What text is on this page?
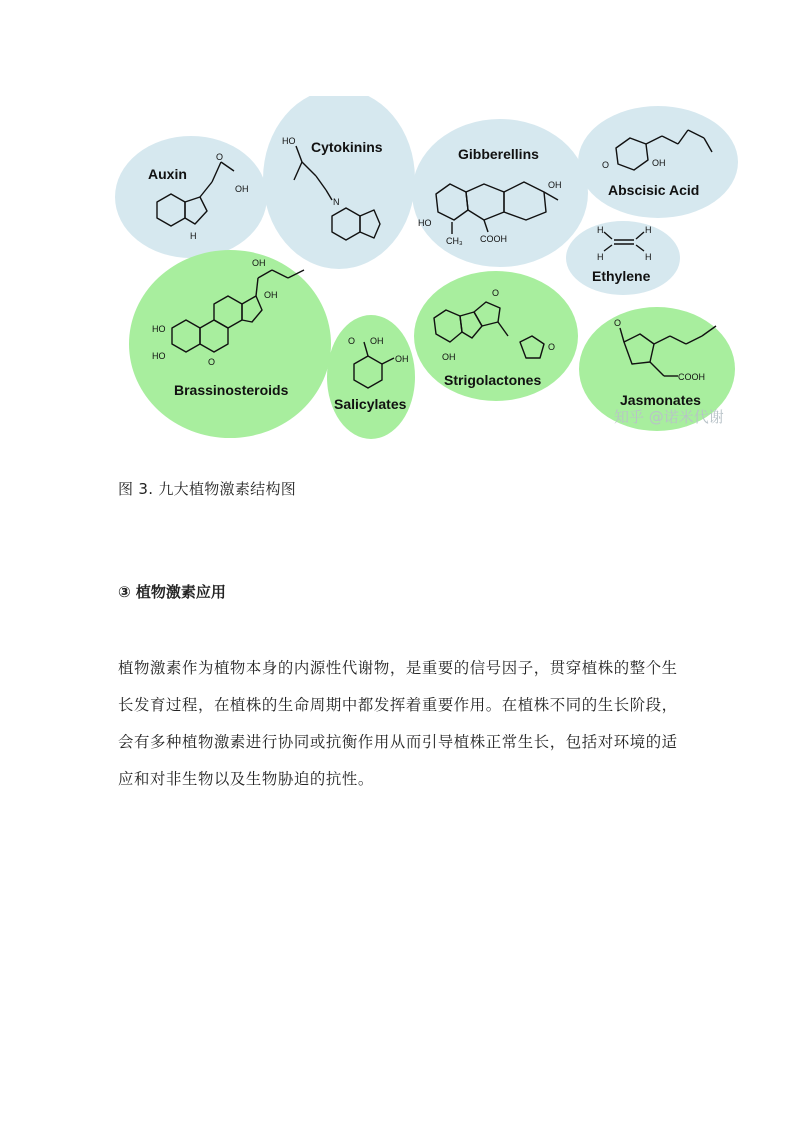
O
OH
H
Auxin
HO
N
Cytokinins
OH
HO
COOH
CH₃
Gibberellins
O	OH
Abscisic Acid
H	H
H	H
Ethylene
OH
OH
HO
HO
O
Brassinosteroids
O OH
OH
Salicylates
O
OH
O
Strigolactones
O
COOH
Jasmonates
知乎 @诺米代谢
图 3. 九大植物激素结构图
③ 植物激素应用

植物激素作为植物本身的内源性代谢物，是重要的信号因子，贯穿植株的整个生长发育过程，在植株的生命周期中都发挥着重要作用。在植株不同的生长阶段，会有多种植物激素进行协同或抗衡作用从而引导植株正常生长，包括对环境的适应和对非生物以及生物胁迫的抗性。
